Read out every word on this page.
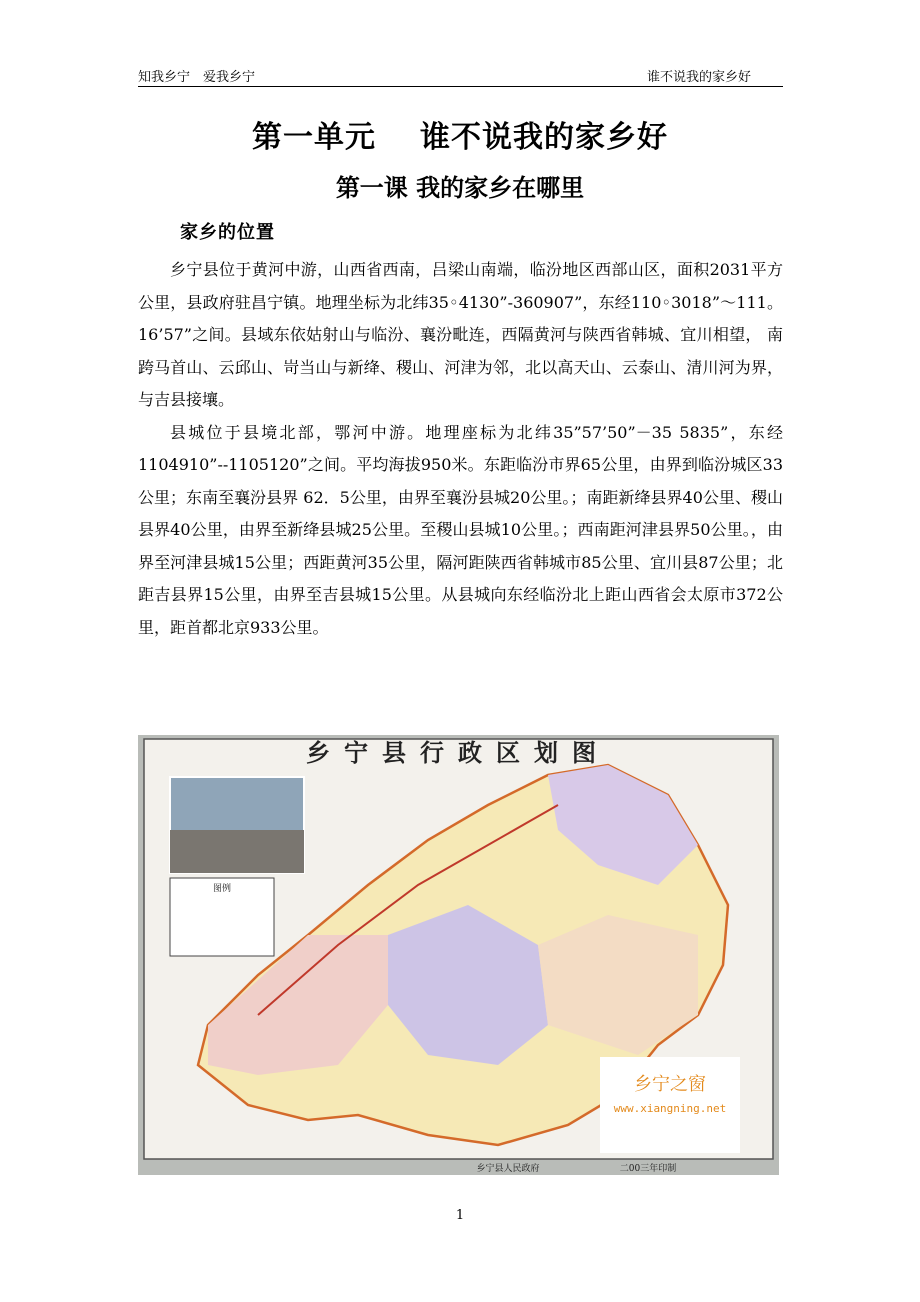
知我乡宁　爱我乡宁	谁不说我的家乡好
第一单元 谁不说我的家乡好
第一课 我的家乡在哪里
家乡的位置

乡宁县位于黄河中游，山西省西南，吕梁山南端，临汾地区西部山区，面积2031平方公里，县政府驻昌宁镇。地理坐标为北纬35◦4130”-360907”，东经110◦3018”～111。16’57”之间。县域东依姑射山与临汾、襄汾毗连，西隔黄河与陕西省韩城、宜川相望， 南跨马首山、云邱山、岢当山与新绛、稷山、河津为邻，北以高天山、云泰山、清川河为界，与吉县接壤。

县城位于县境北部，鄂河中游。地理座标为北纬35”57’50”－35 5835”，东经1104910”--1105120”之间。平均海拔950米。东距临汾市界65公里，由界到临汾城区33公里；东南至襄汾县界 62．5公里，由界至襄汾县城20公里。；南距新绛县界40公里、稷山县界40公里，由界至新绛县城25公里。至稷山县城10公里。；西南距河津县界50公里。，由界至河津县城15公里；西距黄河35公里，隔河距陕西省韩城市85公里、宜川县87公里；北距吉县界15公里，由界至吉县城15公里。从县城向东经临汾北上距山西省会太原市372公里，距首都北京933公里。

乡宁县行政区划图
图例
乡宁之窗
www.xiangning.net
乡宁县人民政府	二00三年印制
1
